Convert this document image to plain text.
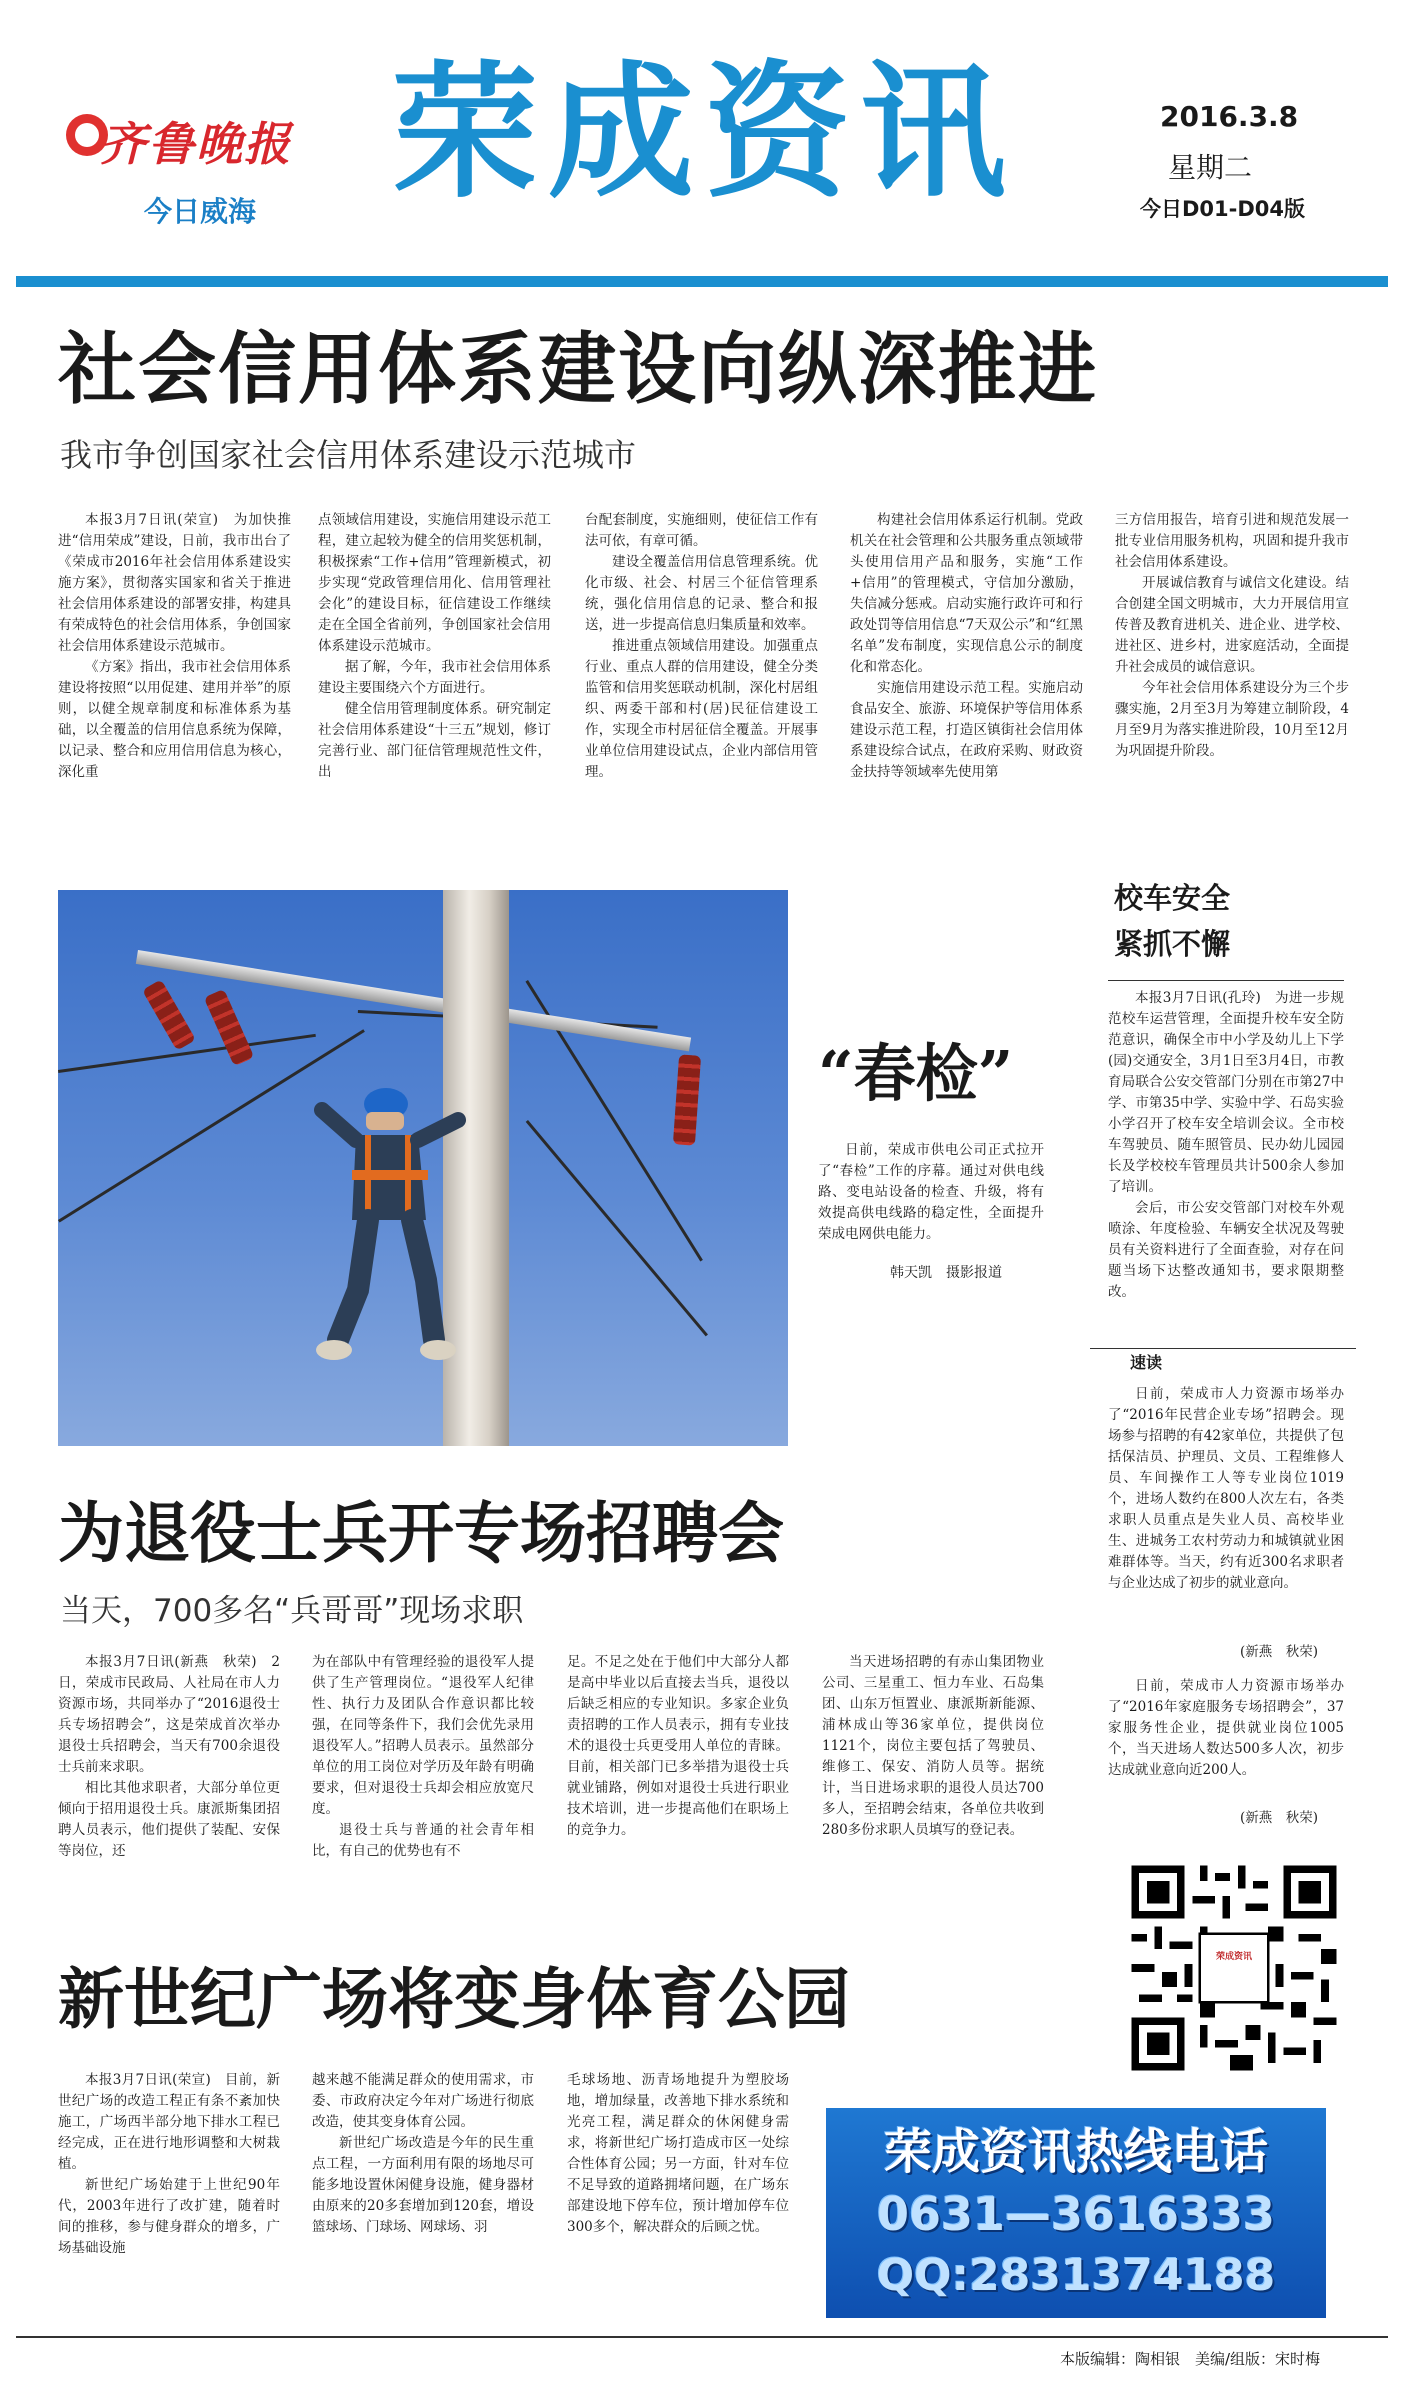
齐鲁晚报
今日威海 荣成资讯	2016.3.8
星期二
今日D01-D04版
社会信用体系建设向纵深推进
我市争创国家社会信用体系建设示范城市

本报3月7日讯(荣宣)　为加快推进“信用荣成”建设，日前，我市出台了《荣成市2016年社会信用体系建设实施方案》，贯彻落实国家和省关于推进社会信用体系建设的部署安排，构建具有荣成特色的社会信用体系，争创国家社会信用体系建设示范城市。

《方案》指出，我市社会信用体系建设将按照“以用促建、建用并举”的原则，以健全规章制度和标准体系为基础，以全覆盖的信用信息系统为保障，以记录、整合和应用信用信息为核心，深化重

点领域信用建设，实施信用建设示范工程，建立起较为健全的信用奖惩机制，积极探索“工作+信用”管理新模式，初步实现“党政管理信用化、信用管理社会化”的建设目标，征信建设工作继续走在全国全省前列，争创国家社会信用体系建设示范城市。

据了解，今年，我市社会信用体系建设主要围绕六个方面进行。

健全信用管理制度体系。研究制定社会信用体系建设“十三五”规划，修订完善行业、部门征信管理规范性文件，出

台配套制度，实施细则，使征信工作有法可依，有章可循。

建设全覆盖信用信息管理系统。优化市级、社会、村居三个征信管理系统，强化信用信息的记录、整合和报送，进一步提高信息归集质量和效率。

推进重点领域信用建设。加强重点行业、重点人群的信用建设，健全分类监管和信用奖惩联动机制，深化村居组织、两委干部和村(居)民征信建设工作，实现全市村居征信全覆盖。开展事业单位信用建设试点，企业内部信用管理。

构建社会信用体系运行机制。党政机关在社会管理和公共服务重点领域带头使用信用产品和服务，实施“工作+信用”的管理模式，守信加分激励，失信减分惩戒。启动实施行政许可和行政处罚等信用信息“7天双公示”和“红黑名单”发布制度，实现信息公示的制度化和常态化。

实施信用建设示范工程。实施启动食品安全、旅游、环境保护等信用体系建设示范工程，打造区镇街社会信用体系建设综合试点，在政府采购、财政资金扶持等领域率先使用第

三方信用报告，培育引进和规范发展一批专业信用服务机构，巩固和提升我市社会信用体系建设。

开展诚信教育与诚信文化建设。结合创建全国文明城市，大力开展信用宣传普及教育进机关、进企业、进学校、进社区、进乡村，进家庭活动，全面提升社会成员的诚信意识。

今年社会信用体系建设分为三个步骤实施，2月至3月为筹建立制阶段，4月至9月为落实推进阶段，10月至12月为巩固提升阶段。

“春检”

日前，荣成市供电公司正式拉开了“春检”工作的序幕。通过对供电线路、变电站设备的检查、升级，将有效提高供电线路的稳定性，全面提升荣成电网供电能力。

韩天凯　摄影报道
校车安全
紧抓不懈

本报3月7日讯(孔玲)　为进一步规范校车运营管理，全面提升校车安全防范意识，确保全市中小学及幼儿上下学(园)交通安全，3月1日至3月4日，市教育局联合公安交管部门分别在市第27中学、市第35中学、实验中学、石岛实验小学召开了校车安全培训会议。全市校车驾驶员、随车照管员、民办幼儿园园长及学校校车管理员共计500余人参加了培训。

会后，市公安交管部门对校车外观喷涂、年度检验、车辆安全状况及驾驶员有关资料进行了全面查验，对存在问题当场下达整改通知书，要求限期整改。

速读

日前，荣成市人力资源市场举办了“2016年民营企业专场”招聘会。现场参与招聘的有42家单位，共提供了包括保洁员、护理员、文员、工程维修人员、车间操作工人等专业岗位1019个，进场人数约在800人次左右，各类求职人员重点是失业人员、高校毕业生、进城务工农村劳动力和城镇就业困难群体等。当天，约有近300名求职者与企业达成了初步的就业意向。

(新燕　秋荣)

日前，荣成市人力资源市场举办了“2016年家庭服务专场招聘会”，37家服务性企业，提供就业岗位1005个，当天进场人数达500多人次，初步达成就业意向近200人。

(新燕　秋荣)
为退役士兵开专场招聘会
当天，700多名“兵哥哥”现场求职

本报3月7日讯(新燕　秋荣)　2日，荣成市民政局、人社局在市人力资源市场，共同举办了“2016退役士兵专场招聘会”，这是荣成首次举办退役士兵招聘会，当天有700余退役士兵前来求职。

相比其他求职者，大部分单位更倾向于招用退役士兵。康派斯集团招聘人员表示，他们提供了装配、安保等岗位，还

为在部队中有管理经验的退役军人提供了生产管理岗位。“退役军人纪律性、执行力及团队合作意识都比较强，在同等条件下，我们会优先录用退役军人。”招聘人员表示。虽然部分单位的用工岗位对学历及年龄有明确要求，但对退役士兵却会相应放宽尺度。

退役士兵与普通的社会青年相比，有自己的优势也有不

足。不足之处在于他们中大部分人都是高中毕业以后直接去当兵，退役以后缺乏相应的专业知识。多家企业负责招聘的工作人员表示，拥有专业技术的退役士兵更受用人单位的青睐。目前，相关部门已多举措为退役士兵就业铺路，例如对退役士兵进行职业技术培训，进一步提高他们在职场上的竞争力。

当天进场招聘的有赤山集团物业公司、三星重工、恒力车业、石岛集团、山东万恒置业、康派斯新能源、浦林成山等36家单位，提供岗位1121个，岗位主要包括了驾驶员、维修工、保安、消防人员等。据统计，当日进场求职的退役人员达700多人，至招聘会结束，各单位共收到280多份求职人员填写的登记表。

荣成资讯
新世纪广场将变身体育公园

本报3月7日讯(荣宣)　目前，新世纪广场的改造工程正有条不紊加快施工，广场西半部分地下排水工程已经完成，正在进行地形调整和大树栽植。

新世纪广场始建于上世纪90年代，2003年进行了改扩建，随着时间的推移，参与健身群众的增多，广场基础设施

越来越不能满足群众的使用需求，市委、市政府决定今年对广场进行彻底改造，使其变身体育公园。

新世纪广场改造是今年的民生重点工程，一方面利用有限的场地尽可能多地设置休闲健身设施，健身器材由原来的20多套增加到120套，增设篮球场、门球场、网球场、羽

毛球场地、沥青场地提升为塑胶场地，增加绿量，改善地下排水系统和光亮工程，满足群众的休闲健身需求，将新世纪广场打造成市区一处综合性体育公园；另一方面，针对车位不足导致的道路拥堵问题，在广场东部建设地下停车位，预计增加停车位300多个，解决群众的后顾之忧。

荣成资讯热线电话
0631—3616333
QQ:2831374188
本版编辑：陶相银　美编/组版：宋时梅
